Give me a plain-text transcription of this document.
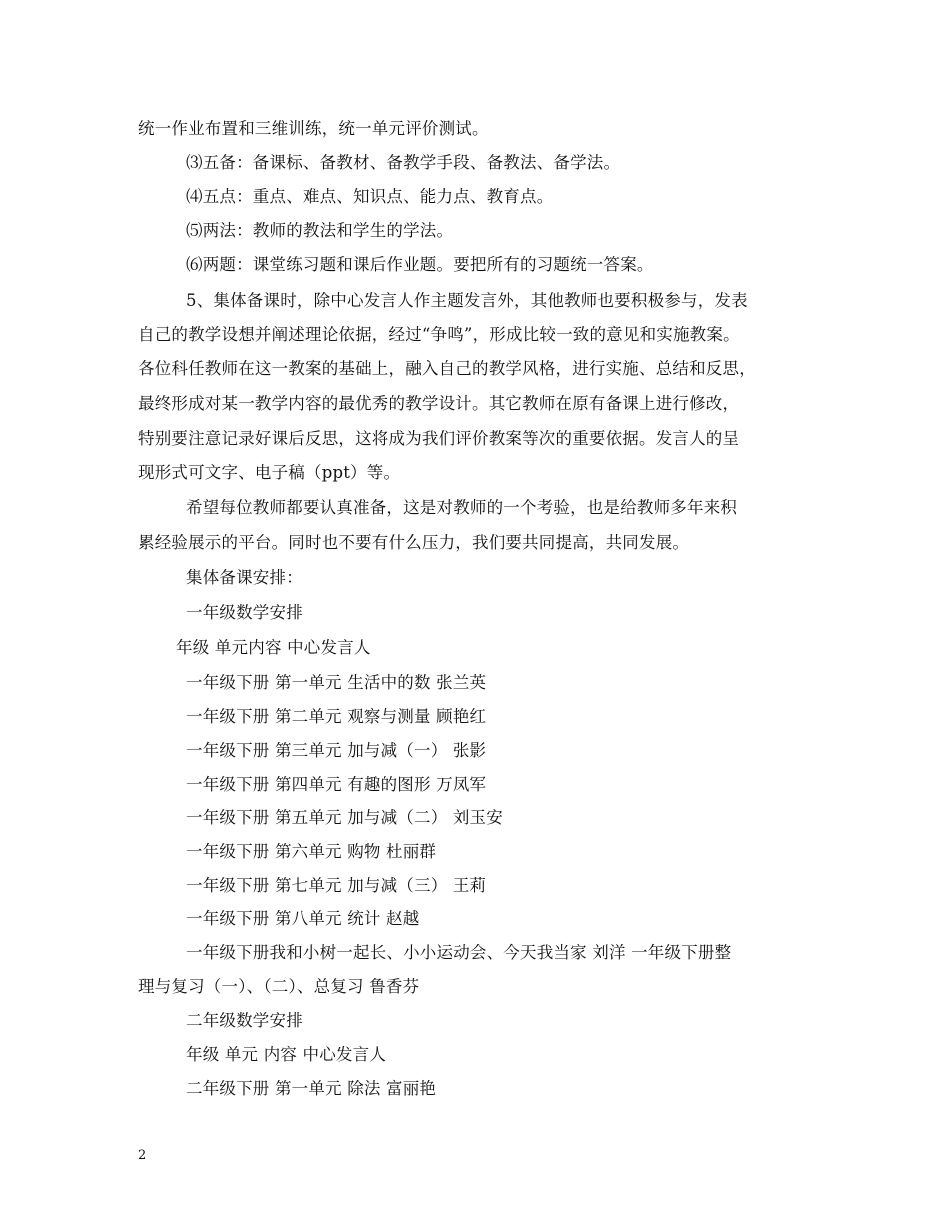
统一作业布置和三维训练，统一单元评价测试。
⑶五备：备课标、备教材、备教学手段、备教法、备学法。
⑷五点：重点、难点、知识点、能力点、教育点。
⑸两法：教师的教法和学生的学法。
⑹两题：课堂练习题和课后作业题。要把所有的习题统一答案。
5、集体备课时，除中心发言人作主题发言外，其他教师也要积极参与，发表
自己的教学设想并阐述理论依据，经过“争鸣”，形成比较一致的意见和实施教案。
各位科任教师在这一教案的基础上，融入自己的教学风格，进行实施、总结和反思，
最终形成对某一教学内容的最优秀的教学设计。其它教师在原有备课上进行修改，
特别要注意记录好课后反思，这将成为我们评价教案等次的重要依据。发言人的呈
现形式可文字、电子稿（ppt）等。
希望每位教师都要认真准备，这是对教师的一个考验，也是给教师多年来积
累经验展示的平台。同时也不要有什么压力，我们要共同提高，共同发展。
集体备课安排：
一年级数学安排
年级 单元内容 中心发言人
一年级下册 第一单元 生活中的数 张兰英
一年级下册 第二单元 观察与测量 顾艳红
一年级下册 第三单元 加与减（一） 张影
一年级下册 第四单元 有趣的图形 万凤军
一年级下册 第五单元 加与减（二） 刘玉安
一年级下册 第六单元 购物 杜丽群
一年级下册 第七单元 加与减（三） 王莉
一年级下册 第八单元 统计 赵越
一年级下册我和小树一起长、小小运动会、今天我当家 刘洋 一年级下册整
理与复习（一）、（二）、总复习 鲁香芬
二年级数学安排
年级 单元 内容 中心发言人
二年级下册 第一单元 除法 富丽艳
2
